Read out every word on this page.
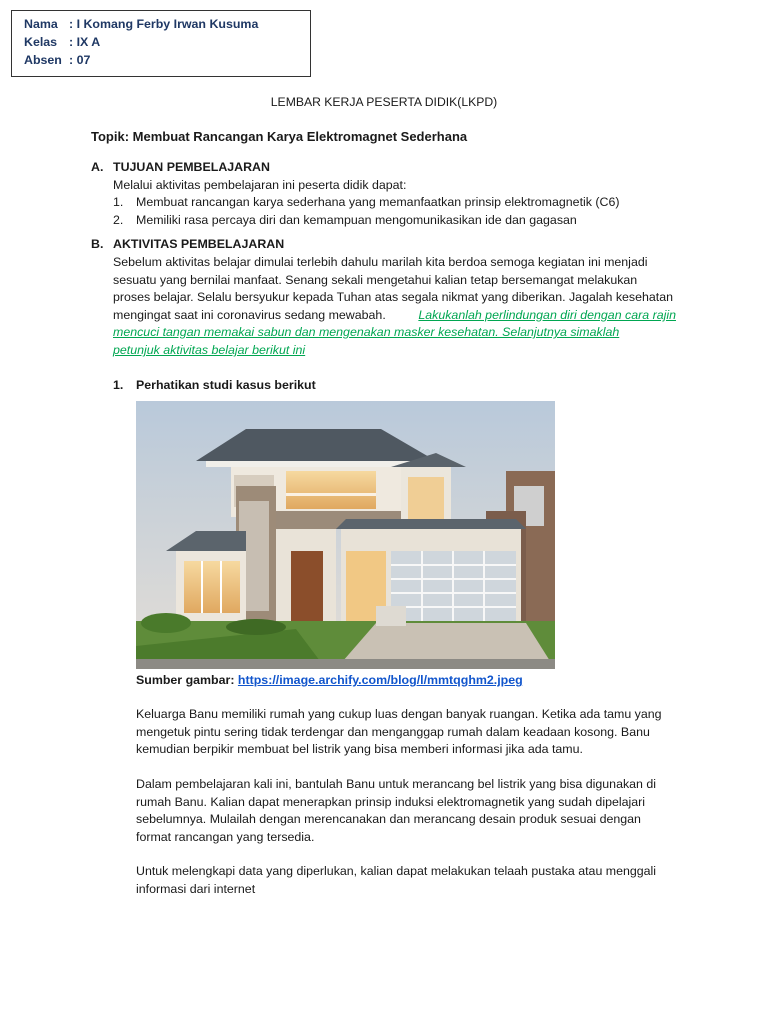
Nama : I Komang Ferby Irwan Kusuma
Kelas : IX A
Absen : 07
LEMBAR KERJA PESERTA DIDIK(LKPD)
Topik: Membuat Rancangan Karya Elektromagnet Sederhana
A. TUJUAN PEMBELAJARAN
Melalui aktivitas pembelajaran ini peserta didik dapat:
1. Membuat rancangan karya sederhana yang memanfaatkan prinsip elektromagnetik (C6)
2. Memiliki rasa percaya diri dan kemampuan mengomunikasikan ide dan gagasan
B. AKTIVITAS PEMBELAJARAN
Sebelum aktivitas belajar dimulai terlebih dahulu marilah kita berdoa semoga kegiatan ini menjadi
sesuatu yang bernilai manfaat. Senang sekali mengetahui kalian tetap bersemangat melakukan
proses belajar. Selalu bersyukur kepada Tuhan atas segala nikmat yang diberikan. Jagalah kesehatan
mengingat saat ini coronavirus sedang mewabah.	Lakukanlah perlindungan diri dengan cara rajin
mencuci tangan memakai sabun dan mengenakan masker kesehatan. Selanjutnya simaklah
petunjuk aktivitas belajar berikut ini
1. Perhatikan studi kasus berikut
Sumber gambar: https://image.archify.com/blog/l/mmtqghm2.jpeg
Keluarga Banu memiliki rumah yang cukup luas dengan banyak ruangan. Ketika ada tamu yang
mengetuk pintu sering tidak terdengar dan menganggap rumah dalam keadaan kosong. Banu
kemudian berpikir membuat bel listrik yang bisa memberi informasi jika ada tamu.
Dalam pembelajaran kali ini, bantulah Banu untuk merancang bel listrik yang bisa digunakan di
rumah Banu. Kalian dapat menerapkan prinsip induksi elektromagnetik yang sudah dipelajari
sebelumnya. Mulailah dengan merencanakan dan merancang desain produk sesuai dengan
format rancangan yang tersedia.
Untuk melengkapi data yang diperlukan, kalian dapat melakukan telaah pustaka atau menggali
informasi dari internet
